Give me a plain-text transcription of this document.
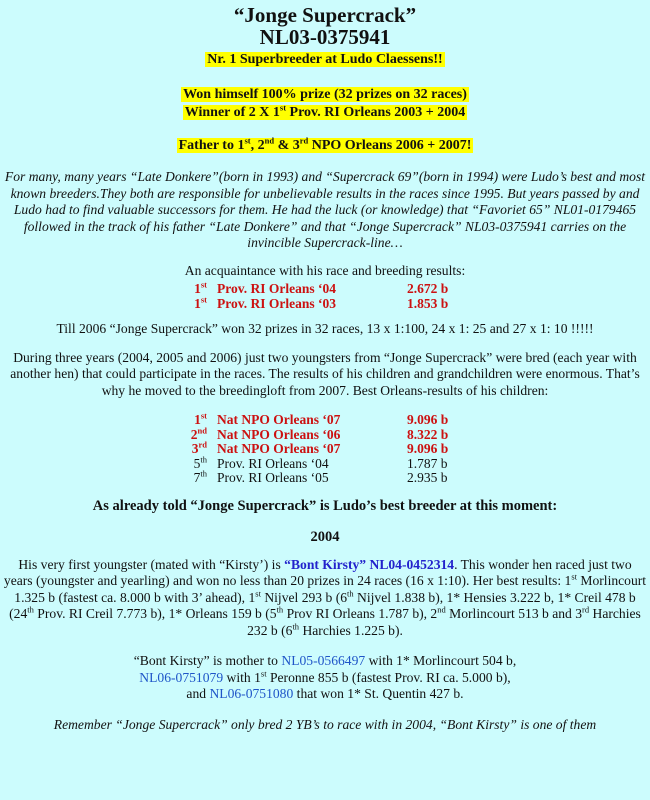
“Jonge Supercrack”

NL03-0375941

Nr. 1 Superbreeder at Ludo Claessens!!

Won himself 100% prize (32 prizes on 32 races)

Winner of 2 X 1st Prov. RI Orleans 2003 + 2004

Father to 1st, 2nd & 3rd NPO Orleans 2006 + 2007!

For many, many years “Late Donkere”(born in 1993) and “Supercrack 69”(born in 1994) were Ludo’s best and most known breeders.They both are responsible for unbelievable results in the races since 1995. But years passed by and Ludo had to find valuable successors for them. He had the luck (or knowledge) that “Favoriet 65” NL01-0179465 followed in the track of his father “Late Donkere” and that “Jonge Supercrack” NL03-0375941 carries on the invincible Supercrack-line…

An acquaintance with his race and breeding results:

1st	Prov. RI Orleans ‘04	2.672 b
1st	Prov. RI Orleans ‘03	1.853 b

Till 2006 “Jonge Supercrack” won 32 prizes in 32 races, 13 x 1:100, 24 x 1: 25 and 27 x 1: 10 !!!!!

During three years (2004, 2005 and 2006) just two youngsters from “Jonge Supercrack” were bred (each year with another hen) that could participate in the races. The results of his children and grandchildren were enormous. That’s why he moved to the breedingloft from 2007. Best Orleans-results of his children:

1st	Nat NPO Orleans ‘07	9.096 b
2nd	Nat NPO Orleans ‘06	8.322 b
3rd	Nat NPO Orleans ‘07	9.096 b
5th	Prov. RI Orleans ‘04	1.787 b
7th	Prov. RI Orleans ‘05	2.935 b

As already told “Jonge Supercrack” is Ludo’s best breeder at this moment:

2004

His very first youngster (mated with “Kirsty’) is “Bont Kirsty” NL04-0452314. This wonder hen raced just two years (youngster and yearling) and won no less than 20 prizes in 24 races (16 x 1:10). Her best results: 1st Morlincourt 1.325 b (fastest ca. 8.000 b with 3’ ahead), 1st Nijvel 293 b (6th Nijvel 1.838 b), 1* Hensies 3.222 b, 1* Creil 478 b (24th Prov. RI Creil 7.773 b), 1* Orleans 159 b (5th Prov RI Orleans 1.787 b), 2nd Morlincourt 513 b and 3rd Harchies 232 b (6th Harchies 1.225 b).

“Bont Kirsty” is mother to NL05-0566497 with 1* Morlincourt 504 b,
NL06-0751079 with 1st Peronne 855 b (fastest Prov. RI ca. 5.000 b),
and NL06-0751080 that won 1* St. Quentin 427 b.

Remember “Jonge Supercrack” only bred 2 YB’s to race with in 2004, “Bont Kirsty” is one of them
